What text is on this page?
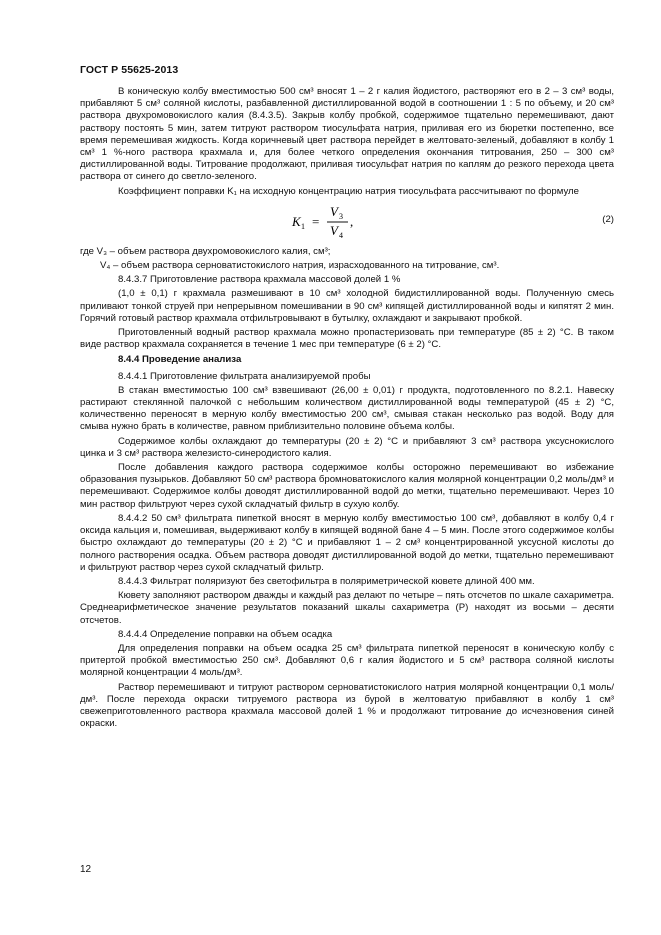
ГОСТ Р 55625-2013

В коническую колбу вместимостью 500 см³ вносят 1 – 2 г калия йодистого, растворяют его в 2 – 3 см³ воды, прибавляют 5 см³ соляной кислоты, разбавленной дистиллированной водой в соотношении 1 : 5 по объему, и 20 см³ раствора двухромовокислого калия (8.4.3.5). Закрыв колбу пробкой, содержимое тщательно перемешивают, дают раствору постоять 5 мин, затем титруют раствором тиосульфата натрия, приливая его из бюретки постепенно, все время перемешивая жидкость. Когда коричневый цвет раствора перейдет в желтовато-зеленый, добавляют в колбу 1 см³ 1 %-ного раствора крахмала и, для более четкого определения окончания титрования, 250 – 300 см³ дистиллированной воды. Титрование продолжают, приливая тиосульфат натрия по каплям до резкого перехода цвета раствора от синего до светло-зеленого.

Коэффициент поправки K₁ на исходную концентрацию натрия тиосульфата рассчитывают по формуле

K 1 =
V 3
V 4
,	(2)

где V₃ – объем раствора двухромовокислого калия, см³;

V₄ – объем раствора серноватистокислого натрия, израсходованного на титрование, см³.

8.4.3.7 Приготовление раствора крахмала массовой долей 1 %

(1,0 ± 0,1) г крахмала размешивают в 10 см³ холодной бидистиллированной воды. Полученную смесь приливают тонкой струей при непрерывном помешивании в 90 см³ кипящей дистиллированной воды и кипятят 2 мин. Горячий готовый раствор крахмала отфильтровывают в бутылку, охлаждают и закрывают пробкой.

Приготовленный водный раствор крахмала можно пропастеризовать при температуре (85 ± 2) °С. В таком виде раствор крахмала сохраняется в течение 1 мес при температуре (6 ± 2) °С.

8.4.4 Проведение анализа

8.4.4.1 Приготовление фильтрата анализируемой пробы

В стакан вместимостью 100 см³ взвешивают (26,00 ± 0,01) г продукта, подготовленного по 8.2.1. Навеску растирают стеклянной палочкой с небольшим количеством дистиллированной воды температурой (45 ± 2) °С, количественно переносят в мерную колбу вместимостью 200 см³, смывая стакан несколько раз водой. Воду для смыва нужно брать в количестве, равном приблизительно половине объема колбы.

Содержимое колбы охлаждают до температуры (20 ± 2) °С и прибавляют 3 см³ раствора уксуснокислого цинка и 3 см³ раствора железисто-синеродистого калия.

После добавления каждого раствора содержимое колбы осторожно перемешивают во избежание образования пузырьков. Добавляют 50 см³ раствора бромноватокислого калия молярной концентрации 0,2 моль/дм³ и перемешивают. Содержимое колбы доводят дистиллированной водой до метки, тщательно перемешивают. Через 10 мин раствор фильтруют через сухой складчатый фильтр в сухую колбу.

8.4.4.2 50 см³ фильтрата пипеткой вносят в мерную колбу вместимостью 100 см³, добавляют в колбу 0,4 г оксида кальция и, помешивая, выдерживают колбу в кипящей водяной бане 4 – 5 мин. После этого содержимое колбы быстро охлаждают до температуры (20 ± 2) °С и прибавляют 1 – 2 см³ концентрированной уксусной кислоты до полного растворения осадка. Объем раствора доводят дистиллированной водой до метки, тщательно перемешивают и фильтруют раствор через сухой складчатый фильтр.

8.4.4.3 Фильтрат поляризуют без светофильтра в поляриметрической кювете длиной 400 мм.

Кювету заполняют раствором дважды и каждый раз делают по четыре – пять отсчетов по шкале сахариметра. Среднеарифметическое значение результатов показаний шкалы сахариметра (P) находят из восьми – десяти отсчетов.

8.4.4.4 Определение поправки на объем осадка

Для определения поправки на объем осадка 25 см³ фильтрата пипеткой переносят в коническую колбу с притертой пробкой вместимостью 250 см³. Добавляют 0,6 г калия йодистого и 5 см³ раствора соляной кислоты молярной концентрации 4 моль/дм³.

Раствор перемешивают и титруют раствором серноватистокислого натрия молярной концентрации 0,1 моль/дм³. После перехода окраски титруемого раствора из бурой в желтоватую прибавляют в колбу 1 см³ свежеприготовленного раствора крахмала массовой долей 1 % и продолжают титрование до исчезновения синей окраски.

12
